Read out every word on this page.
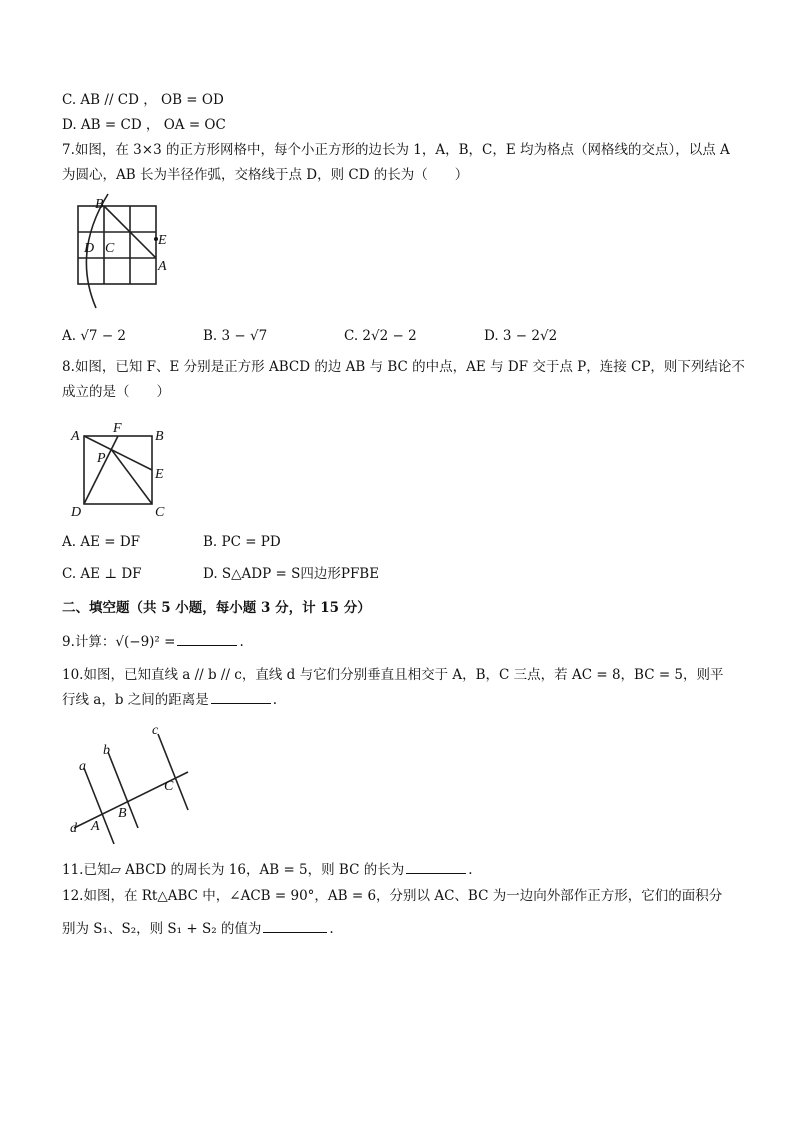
C. AB // CD ， OB = OD
D. AB = CD ， OA = OC
7.如图，在 3×3 的正方形网格中，每个小正方形的边长为 1，A，B，C，E 均为格点（网格线的交点），以点 A
为圆心，AB 长为半径作弧，交格线于点 D，则 CD 的长为（　　）
B
D C
E
A
A. √7 − 2	B. 3 − √7	C. 2√2 − 2	D. 3 − 2√2
8.如图，已知 F、E 分别是正方形 ABCD 的边 AB 与 BC 的中点，AE 与 DF 交于点 P，连接 CP，则下列结论不
成立的是（　　）
A
F
B
P
E
D	C
A. AE = DF	B. PC = PD
C. AE ⊥ DF	D. S△ADP = S四边形PFBE
二、填空题（共 5 小题，每小题 3 分，计 15 分）
9.计算：√(−9)² =	.
10.如图，已知直线 a // b // c，直线 d 与它们分别垂直且相交于 A，B，C 三点，若 AC = 8，BC = 5，则平
行线 a，b 之间的距离是	.
a
b
c
d A
B
C
11.已知▱ ABCD 的周长为 16，AB = 5，则 BC 的长为	.
12.如图，在 Rt△ABC 中，∠ACB = 90°，AB = 6，分别以 AC、BC 为一边向外部作正方形，它们的面积分
别为 S₁、S₂，则 S₁ + S₂ 的值为	.
